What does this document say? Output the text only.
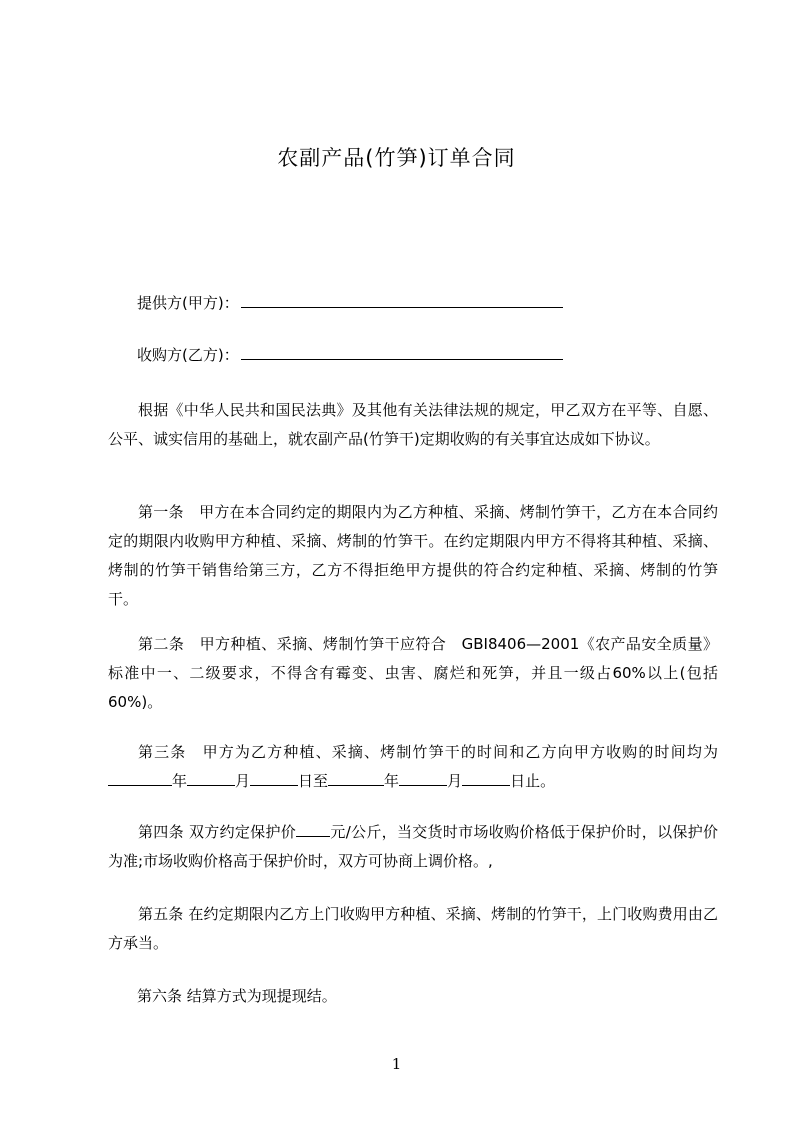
农副产品(竹笋)订单合同
提供方(甲方)：
收购方(乙方)：
根据《中华人民共和国民法典》及其他有关法律法规的规定，甲乙双方在平等、自愿、公平、诚实信用的基础上，就农副产品(竹笋干)定期收购的有关事宜达成如下协议。
第一条　甲方在本合同约定的期限内为乙方种植、采摘、烤制竹笋干，乙方在本合同约定的期限内收购甲方种植、采摘、烤制的竹笋干。在约定期限内甲方不得将其种植、采摘、烤制的竹笋干销售给第三方，乙方不得拒绝甲方提供的符合约定种植、采摘、烤制的竹笋干。
第二条　甲方种植、采摘、烤制竹笋干应符合　GBI8406—2001《农产品安全质量》标准中一、二级要求，不得含有霉变、虫害、腐烂和死笋，并且一级占60%以上(包括60%)。
第三条　甲方为乙方种植、采摘、烤制竹笋干的时间和乙方向甲方收购的时间均为年	月	日至	年	月	日止。
第四条 双方约定保护价 元/公斤，当交货时市场收购价格低于保护价时，以保护价为准;市场收购价格高于保护价时，双方可协商上调价格。,
第五条 在约定期限内乙方上门收购甲方种植、采摘、烤制的竹笋干，上门收购费用由乙方承当。
第六条 结算方式为现提现结。
1
